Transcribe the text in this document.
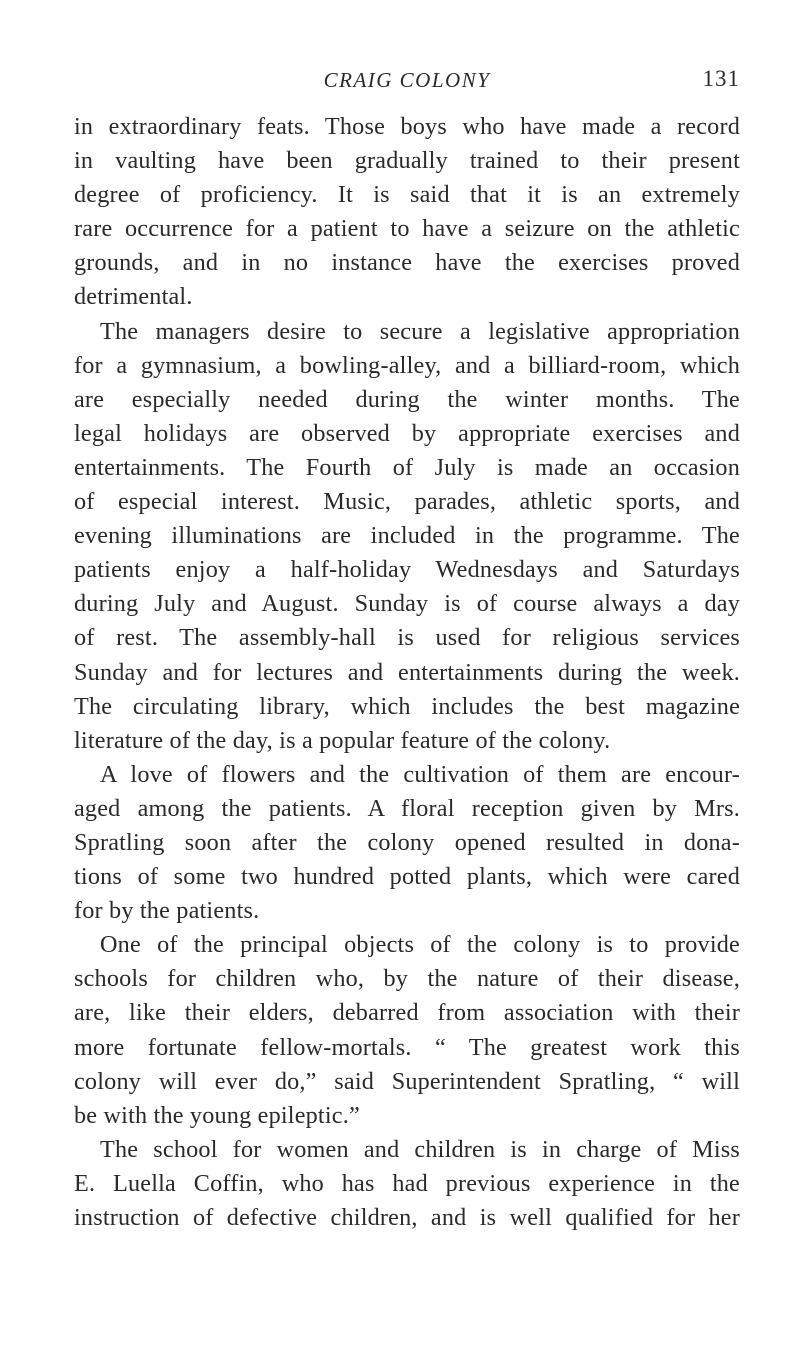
CRAIG COLONY	131
in extraordinary feats. Those boys who have made a record
in vaulting have been gradually trained to their present
degree of proficiency. It is said that it is an extremely
rare occurrence for a patient to have a seizure on the athletic
grounds, and in no instance have the exercises proved
detrimental.
The managers desire to secure a legislative appropriation
for a gymnasium, a bowling-alley, and a billiard-room, which
are especially needed during the winter months. The
legal holidays are observed by appropriate exercises and
entertainments. The Fourth of July is made an occasion
of especial interest. Music, parades, athletic sports, and
evening illuminations are included in the programme. The
patients enjoy a half-holiday Wednesdays and Saturdays
during July and August. Sunday is of course always a day
of rest. The assembly-hall is used for religious services
Sunday and for lectures and entertainments during the week.
The circulating library, which includes the best magazine
literature of the day, is a popular feature of the colony.
A love of flowers and the cultivation of them are encour-
aged among the patients. A floral reception given by Mrs.
Spratling soon after the colony opened resulted in dona-
tions of some two hundred potted plants, which were cared
for by the patients.
One of the principal objects of the colony is to provide
schools for children who, by the nature of their disease,
are, like their elders, debarred from association with their
more fortunate fellow-mortals. “ The greatest work this
colony will ever do,” said Superintendent Spratling, “ will
be with the young epileptic.”
The school for women and children is in charge of Miss
E. Luella Coffin, who has had previous experience in the
instruction of defective children, and is well qualified for her
